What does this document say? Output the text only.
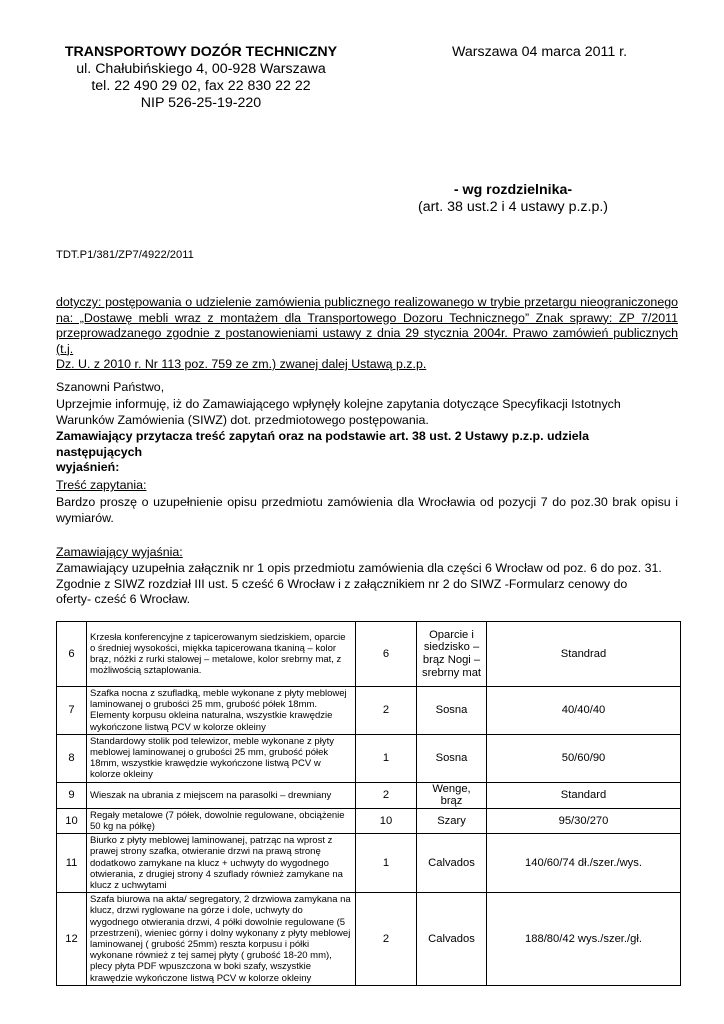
TRANSPORTOWY DOZÓR TECHNICZNY
ul. Chałubińskiego 4, 00-928 Warszawa
tel. 22 490 29 02, fax 22 830 22 22
NIP 526-25-19-220
Warszawa 04 marca 2011 r.
- wg rozdzielnika-
(art. 38 ust.2 i 4 ustawy p.z.p.)
TDT.P1/381/ZP7/4922/2011
dotyczy: postępowania o udzielenie zamówienia publicznego realizowanego w trybie przetargu nieograniczonego
na: „Dostawę mebli wraz z montażem dla Transportowego Dozoru Technicznego” Znak sprawy: ZP 7/2011
przeprowadzanego zgodnie z postanowieniami ustawy z dnia 29 stycznia 2004r. Prawo zamówień publicznych (t.j.
Dz. U. z 2010 r. Nr 113 poz. 759 ze zm.) zwanej dalej Ustawą p.z.p.
Szanowni Państwo,
Uprzejmie informuję, iż do Zamawiającego wpłynęły kolejne zapytania dotyczące Specyfikacji Istotnych
Warunków Zamówienia (SIWZ) dot. przedmiotowego postępowania.
Zamawiający przytacza treść zapytań oraz na podstawie art. 38 ust. 2 Ustawy p.z.p. udziela następujących
wyjaśnień:
Treść zapytania:
Bardzo proszę o uzupełnienie opisu przedmiotu zamówienia dla Wrocławia od pozycji 7 do poz.30 brak opisu i
wymiarów.
Zamawiający wyjaśnia:
Zamawiający uzupełnia załącznik nr 1 opis przedmiotu zamówienia dla części 6 Wrocław od poz. 6 do poz. 31.
Zgodnie z SIWZ rozdział III ust. 5 cześć 6 Wrocław i z załącznikiem nr 2 do SIWZ -Formularz cenowy do
oferty- cześć 6 Wrocław.
6	Krzesła konferencyjne z tapicerowanym siedziskiem, oparcie o średniej wysokości, miękka tapicerowana tkaniną – kolor brąz, nóżki z rurki stalowej – metalowe, kolor srebrny mat, z możliwością sztaplowania.	6	Oparcie i siedzisko – brąz Nogi – srebrny mat	Standrad
7	Szafka nocna z szufladką, meble wykonane z płyty meblowej laminowanej o grubości 25 mm, grubość półek 18mm. Elementy korpusu okleina naturalna, wszystkie krawędzie wykończone listwą PCV w kolorze okleiny	2	Sosna	40/40/40
8	Standardowy stolik pod telewizor, meble wykonane z płyty meblowej laminowanej o grubości 25 mm, grubość półek 18mm, wszystkie krawędzie wykończone listwą PCV w kolorze okleiny	1	Sosna	50/60/90
9	Wieszak na ubrania z miejscem na parasolki – drewniany	2	Wenge, brąz	Standard
10	Regały metalowe (7 półek, dowolnie regulowane, obciążenie 50 kg na półkę)	10	Szary	95/30/270
11	Biurko z płyty meblowej laminowanej, patrząc na wprost z prawej strony szafka, otwieranie drzwi na prawą stronę dodatkowo zamykane na klucz + uchwyty do wygodnego otwierania, z drugiej strony 4 szuflady również zamykane na klucz z uchwytami	1	Calvados	140/60/74 dł./szer./wys.
12	Szafa biurowa na akta/ segregatory, 2 drzwiowa zamykana na klucz, drzwi ryglowane na górze i dole, uchwyty do wygodnego otwierania drzwi, 4 półki dowolnie regulowane (5 przestrzeni), wieniec górny i dolny wykonany z płyty meblowej laminowanej ( grubość 25mm) reszta korpusu i półki wykonane również z tej samej płyty ( grubość 18-20 mm), plecy płyta PDF wpuszczona w boki szafy, wszystkie krawędzie wykończone listwą PCV w kolorze okleiny	2	Calvados	188/80/42 wys./szer./gł.
